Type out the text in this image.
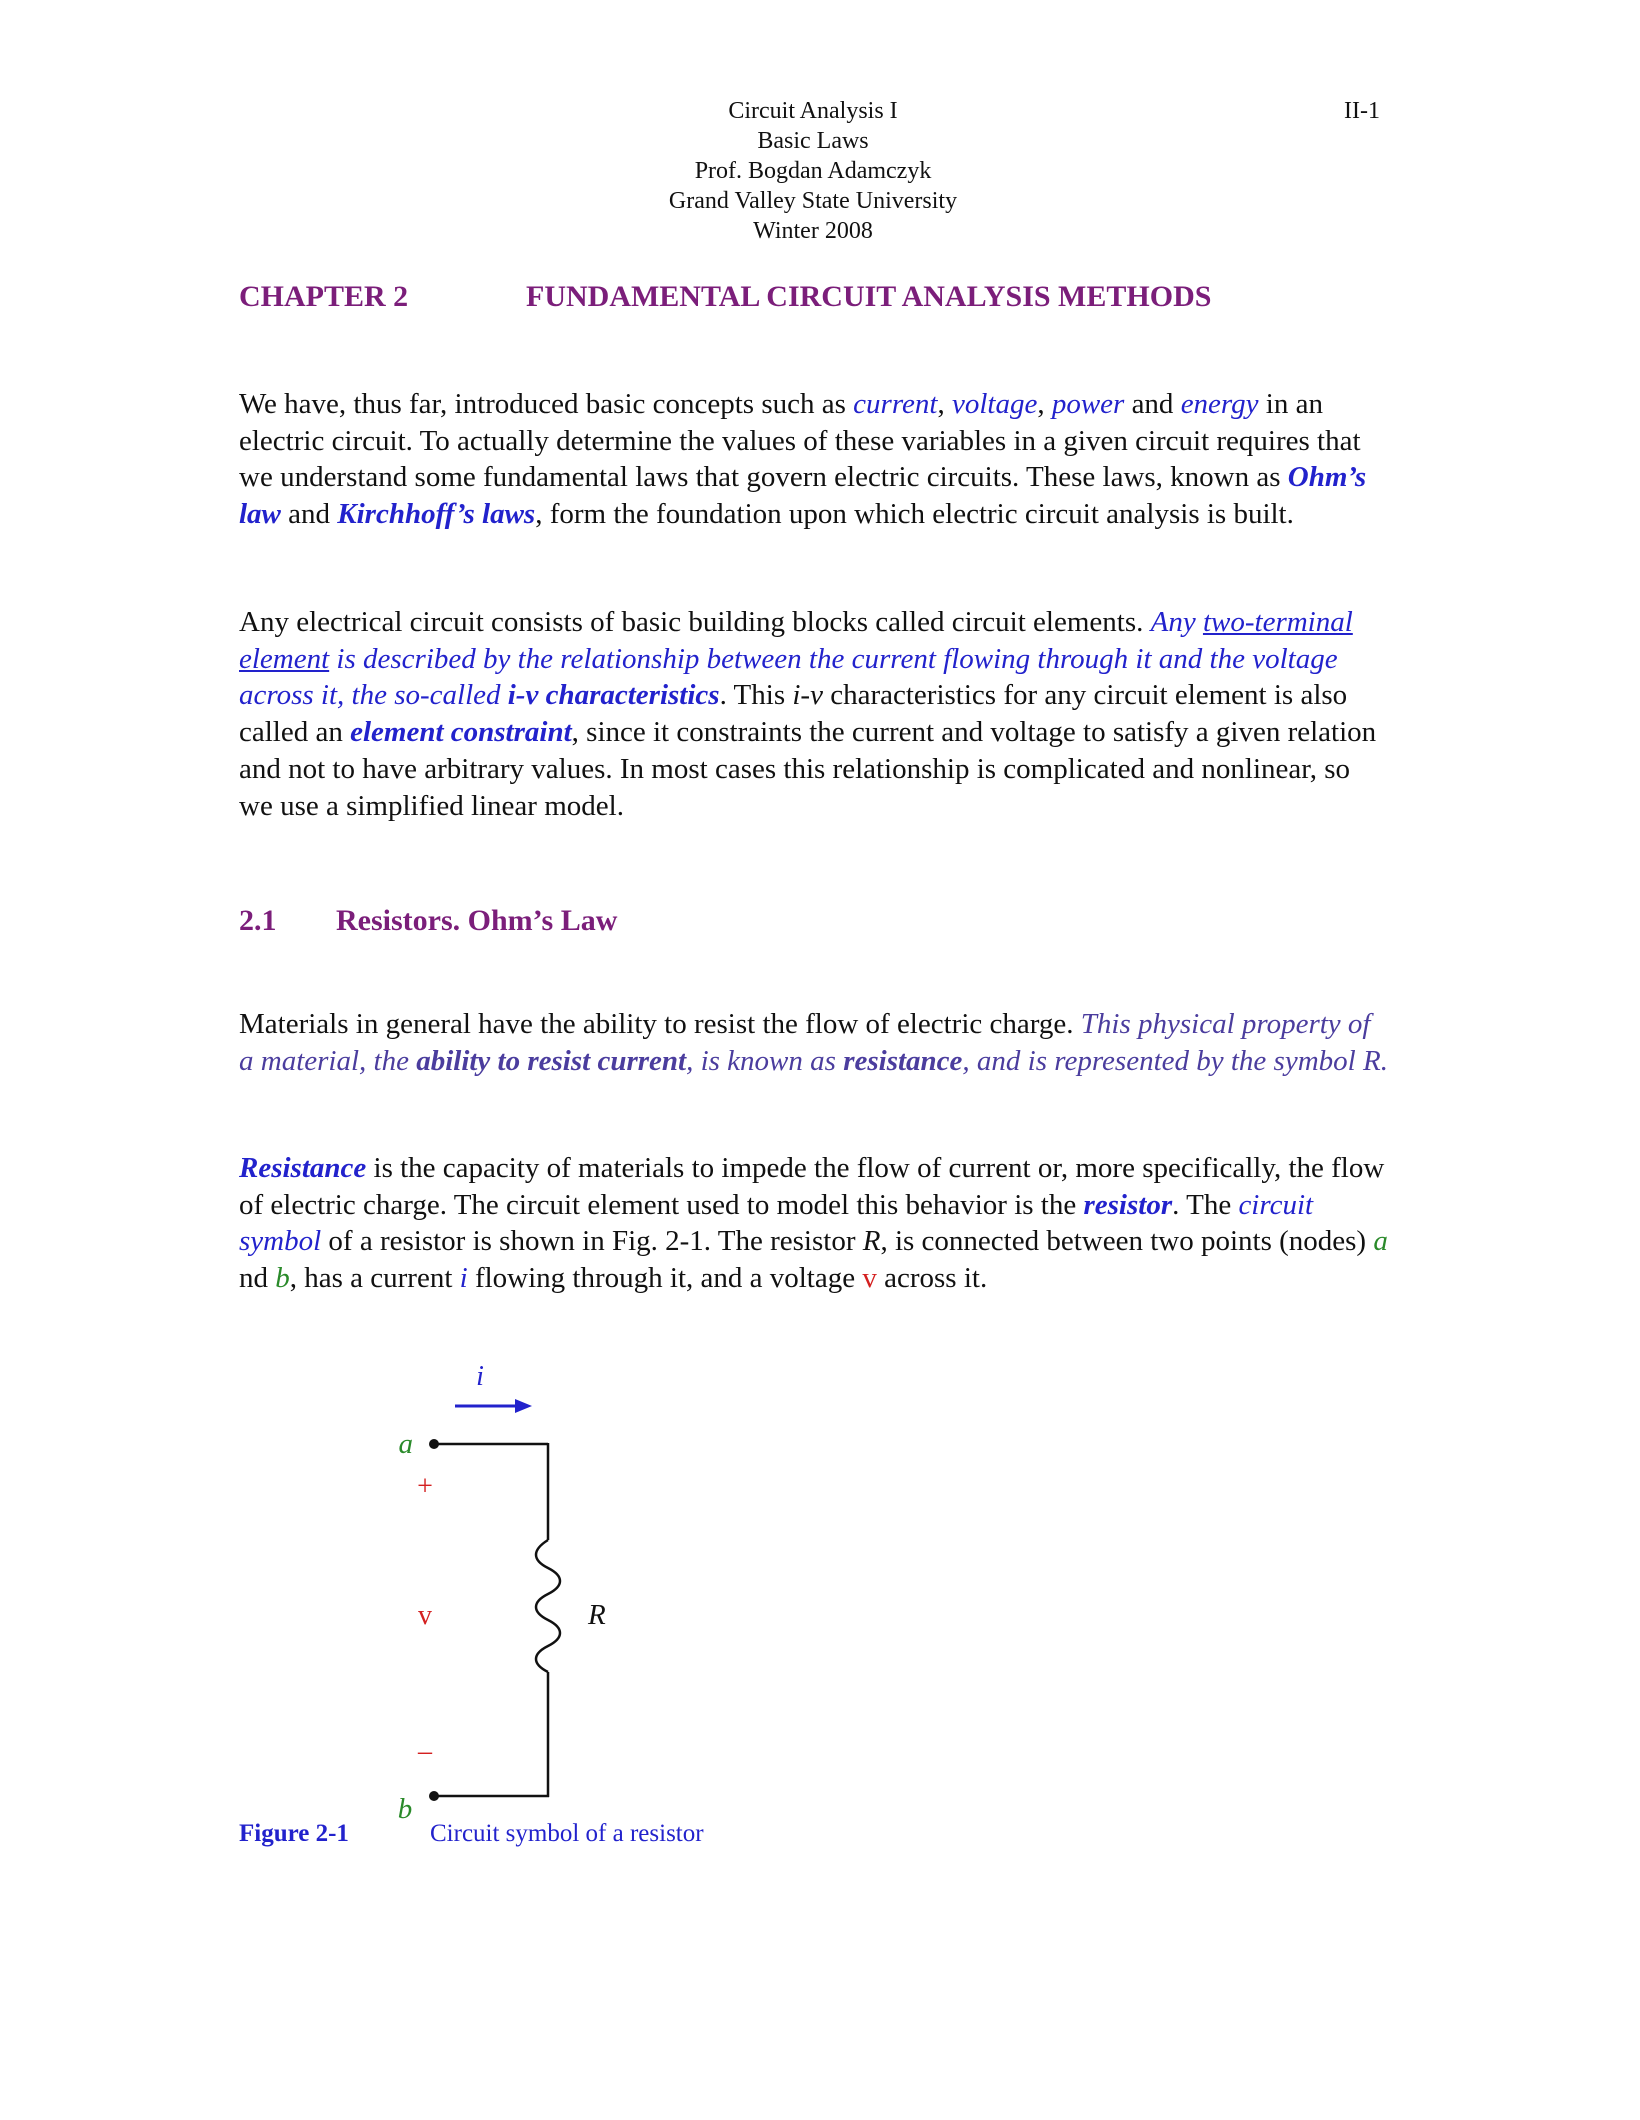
Circuit Analysis I
Basic Laws
Prof. Bogdan Adamczyk
Grand Valley State University
Winter 2008
II-1
CHAPTER 2	FUNDAMENTAL CIRCUIT ANALYSIS METHODS
We have, thus far, introduced basic concepts such as current, voltage, power and energy in an electric circuit. To actually determine the values of these variables in a given circuit requires that we understand some fundamental laws that govern electric circuits. These laws, known as Ohm’s law and Kirchhoff’s laws, form the foundation upon which electric circuit analysis is built.
Any electrical circuit consists of basic building blocks called circuit elements. Any two-terminal element is described by the relationship between the current flowing through it and the voltage across it, the so-called i-v characteristics. This i-v characteristics for any circuit element is also called an element constraint, since it constraints the current and voltage to satisfy a given relation and not to have arbitrary values. In most cases this relationship is complicated and nonlinear, so we use a simplified linear model.
2.1 Resistors. Ohm’s Law
Materials in general have the ability to resist the flow of electric charge. This physical property of a material, the ability to resist current, is known as resistance, and is represented by the symbol R.
Resistance is the capacity of materials to impede the flow of current or, more specifically, the flow of electric charge. The circuit element used to model this behavior is the resistor. The circuit symbol of a resistor is shown in Fig. 2-1. The resistor R, is connected between two points (nodes) a nd b, has a current i flowing through it, and a voltage v across it.
i
a
b
+
v
–
R
Figure 2-1	Circuit symbol of a resistor
